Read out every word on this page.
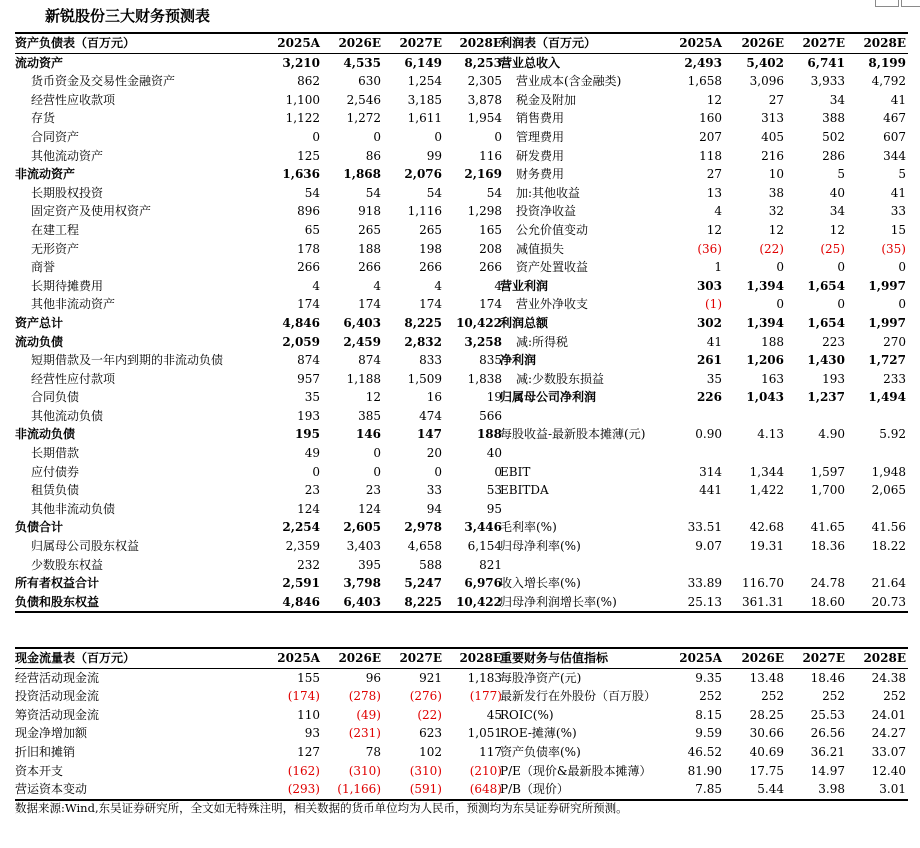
新锐股份三大财务预测表
资产负债表（百万元）	2025A	2026E	2027E	2028E
流动资产	3,210	4,535	6,149	8,253
货币资金及交易性金融资产	862	630	1,254	2,305
经营性应收款项	1,100	2,546	3,185	3,878
存货	1,122	1,272	1,611	1,954
合同资产	0	0	0	0
其他流动资产	125	86	99	116
非流动资产	1,636	1,868	2,076	2,169
长期股权投资	54	54	54	54
固定资产及使用权资产	896	918	1,116	1,298
在建工程	65	265	265	165
无形资产	178	188	198	208
商誉	266	266	266	266
长期待摊费用	4	4	4	4
其他非流动资产	174	174	174	174
资产总计	4,846	6,403	8,225	10,422
流动负债	2,059	2,459	2,832	3,258
短期借款及一年内到期的非流动负债	874	874	833	835
经营性应付款项	957	1,188	1,509	1,838
合同负债	35	12	16	19
其他流动负债	193	385	474	566
非流动负债	195	146	147	188
长期借款	49	0	20	40
应付债券	0	0	0	0
租赁负债	23	23	33	53
其他非流动负债	124	124	94	95
负债合计	2,254	2,605	2,978	3,446
归属母公司股东权益	2,359	3,403	4,658	6,154
少数股东权益	232	395	588	821
所有者权益合计	2,591	3,798	5,247	6,976
负债和股东权益	4,846	6,403	8,225	10,422
利润表（百万元）	2025A	2026E	2027E	2028E
营业总收入	2,493	5,402	6,741	8,199
营业成本(含金融类)	1,658	3,096	3,933	4,792
税金及附加	12	27	34	41
销售费用	160	313	388	467
管理费用	207	405	502	607
研发费用	118	216	286	344
财务费用	27	10	5	5
加:其他收益	13	38	40	41
投资净收益	4	32	34	33
公允价值变动	12	12	12	15
减值损失	(36)	(22)	(25)	(35)
资产处置收益	1	0	0	0
营业利润	303	1,394	1,654	1,997
营业外净收支	(1)	0	0	0
利润总额	302	1,394	1,654	1,997
减:所得税	41	188	223	270
净利润	261	1,206	1,430	1,727
减:少数股东损益	35	163	193	233
归属母公司净利润	226	1,043	1,237	1,494

每股收益-最新股本摊薄(元)	0.90	4.13	4.90	5.92

EBIT	314	1,344	1,597	1,948
EBITDA	441	1,422	1,700	2,065

毛利率(%)	33.51	42.68	41.65	41.56
归母净利率(%)	9.07	19.31	18.36	18.22

收入增长率(%)	33.89	116.70	24.78	21.64
归母净利润增长率(%)	25.13	361.31	18.60	20.73
现金流量表（百万元）	2025A	2026E	2027E	2028E
经营活动现金流	155	96	921	1,183
投资活动现金流	(174)	(278)	(276)	(177)
筹资活动现金流	110	(49)	(22)	45
现金净增加额	93	(231)	623	1,051
折旧和摊销	127	78	102	117
资本开支	(162)	(310)	(310)	(210)
营运资本变动	(293)	(1,166)	(591)	(648)
重要财务与估值指标	2025A	2026E	2027E	2028E
每股净资产(元)	9.35	13.48	18.46	24.38
最新发行在外股份（百万股）	252	252	252	252
ROIC(%)	8.15	28.25	25.53	24.01
ROE-摊薄(%)	9.59	30.66	26.56	24.27
资产负债率(%)	46.52	40.69	36.21	33.07
P/E（现价&最新股本摊薄）	81.90	17.75	14.97	12.40
P/B（现价）	7.85	5.44	3.98	3.01
数据来源:Wind,东吴证券研究所，全文如无特殊注明，相关数据的货币单位均为人民币，预测均为东吴证券研究所预测。
